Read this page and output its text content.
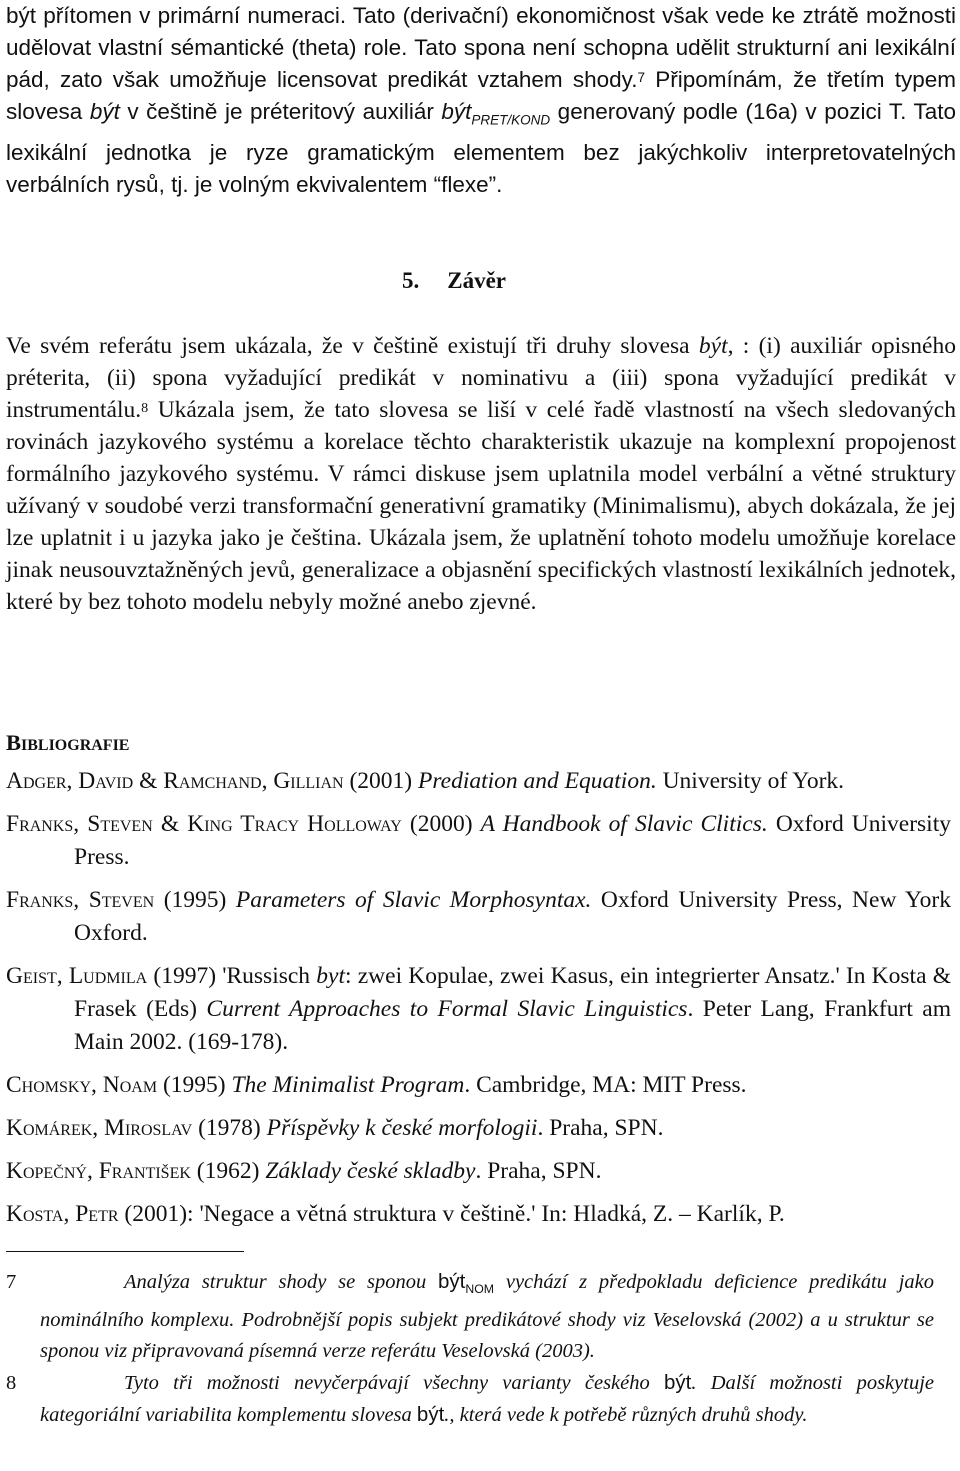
být přítomen v primární numeraci. Tato (derivační) ekonomičnost však vede ke ztrátě možnosti udělovat vlastní sémantické (theta) role. Tato spona není schopna udělit strukturní ani lexikální pád, zato však umožňuje licensovat predikát vztahem shody.$^7$ Připomínám, že třetím typem slovesa být v češtině je préteritový auxiliár být$_{PRET/KOND}$ generovaný podle (16a) v pozici T. Tato lexikální jednotka je ryze gramatickým elementem bez jakýchkoliv interpretovatelných verbálních rysů, tj. je volným ekvivalentem “flexe”.

5. Závěr

Ve svém referátu jsem ukázala, že v češtině existují tři druhy slovesa být, : (i) auxiliár opisného préterita, (ii) spona vyžadující predikát v nominativu a (iii) spona vyžadující predikát v instrumentálu.$^8$ Ukázala jsem, že tato slovesa se liší v celé řadě vlastností na všech sledovaných rovinách jazykového systému a korelace těchto charakteristik ukazuje na komplexní propojenost formálního jazykového systému. V rámci diskuse jsem uplatnila model verbální a větné struktury užívaný v soudobé verzi transformační generativní gramatiky (Minimalismu), abych dokázala, že jej lze uplatnit i u jazyka jako je čeština. Ukázala jsem, že uplatnění tohoto modelu umožňuje korelace jinak neusouvztažněných jevů, generalizace a objasnění specifických vlastností lexikálních jednotek, které by bez tohoto modelu nebyly možné anebo zjevné.

Bibliografie

Adger, David & Ramchand, Gillian (2001) Prediation and Equation. University of York.

Franks, Steven & King Tracy Holloway (2000) A Handbook of Slavic Clitics. Oxford University Press.

Franks, Steven (1995) Parameters of Slavic Morphosyntax. Oxford University Press, New York Oxford.

Geist, Ludmila (1997) 'Russisch byt: zwei Kopulae, zwei Kasus, ein integrierter Ansatz.' In Kosta & Frasek (Eds) Current Approaches to Formal Slavic Linguistics. Peter Lang, Frankfurt am Main 2002. (169-178).

Chomsky, Noam (1995) The Minimalist Program. Cambridge, MA: MIT Press.

Komárek, Miroslav (1978) Příspěvky k české morfologii. Praha, SPN.

Kopečný, František (1962) Základy české skladby. Praha, SPN.

Kosta, Petr (2001): 'Negace a větná struktura v češtině.' In: Hladká, Z. – Karlík, P.

7	Analýza struktur shody se sponou být$_{NOM}$ vychází z předpokladu deficience predikátu jako nominálního komplexu. Podrobnější popis subjekt predikátové shody viz Veselovská (2002) a u struktur se sponou viz připravovaná písemná verze referátu Veselovská (2003).

8	Tyto tři možnosti nevyčerpávají všechny varianty českého být. Další možnosti poskytuje kategoriální variabilita komplementu slovesa být., která vede k potřebě různých druhů shody.
